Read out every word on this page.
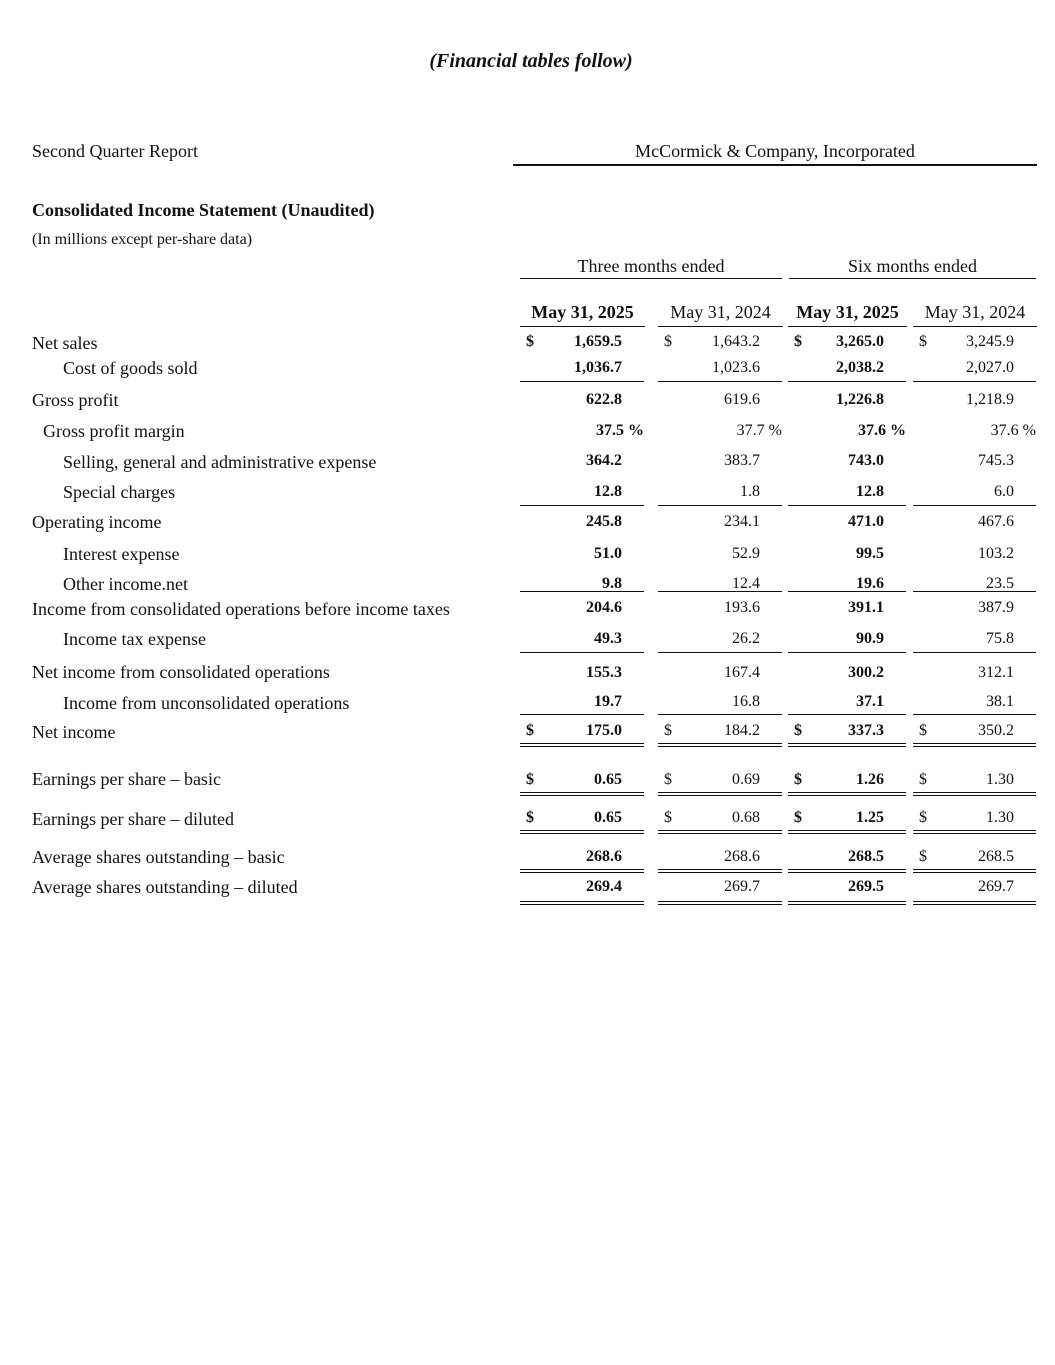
(Financial tables follow)
Second Quarter Report	McCormick & Company, Incorporated
Consolidated Income Statement (Unaudited)
(In millions except per-share data)
Three months ended	Six months ended
May 31, 2025	May 31, 2024	May 31, 2025	May 31, 2024
Net sales	$	1,659.5	$	1,643.2 $ 3,265.0 $ 3,245.9
Cost of goods sold	1,036.7	1,023.6	2,038.2	2,027.0
Gross profit	622.8	619.6	1,226.8	1,218.9
Gross profit margin	37.5 %	37.7 %	37.6 %	37.6 %
Selling, general and administrative expense	364.2	383.7	743.0	745.3
Special charges	12.8	1.8	12.8	6.0
Operating income	245.8	234.1	471.0	467.6
Interest expense	51.0	52.9	99.5	103.2
Other income.net	9.8	12.4	19.6	23.5
Income from consolidated operations before income taxes	204.6	193.6	391.1	387.9
Income tax expense	49.3	26.2	90.9	75.8
Net income from consolidated operations	155.3	167.4	300.2	312.1
Income from unconsolidated operations	19.7	16.8	37.1	38.1
Net income	$	175.0	$	184.2 $	337.3 $	350.2
Earnings per share – basic	$	0.65	$	0.69 $	1.26 $	1.30
Earnings per share – diluted	$	0.65	$	0.68 $	1.25 $	1.30
Average shares outstanding – basic	268.6	268.6	268.5 $	268.5
Average shares outstanding – diluted	269.4	269.7	269.5	269.7
